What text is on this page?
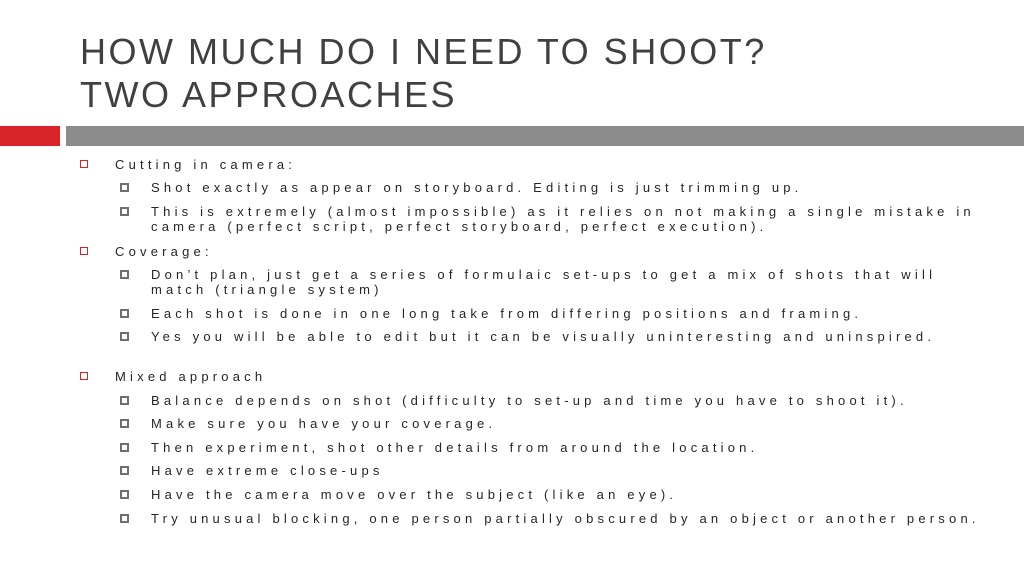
HOW MUCH DO I NEED TO SHOOT?
TWO APPROACHES
Cutting in camera:
Shot exactly as appear on storyboard. Editing is just trimming up.
This is extremely (almost impossible) as it relies on not making a single mistake in camera (perfect script, perfect storyboard, perfect execution).
Coverage:
Don’t plan, just get a series of formulaic set-ups to get a mix of shots that will match (triangle system)
Each shot is done in one long take from differing positions and framing.
Yes you will be able to edit but it can be visually uninteresting and uninspired.
Mixed approach
Balance depends on shot (difficulty to set-up and time you have to shoot it).
Make sure you have your coverage.
Then experiment, shot other details from around the location.
Have extreme close-ups
Have the camera move over the subject (like an eye).
Try unusual blocking, one person partially obscured by an object or another person.
